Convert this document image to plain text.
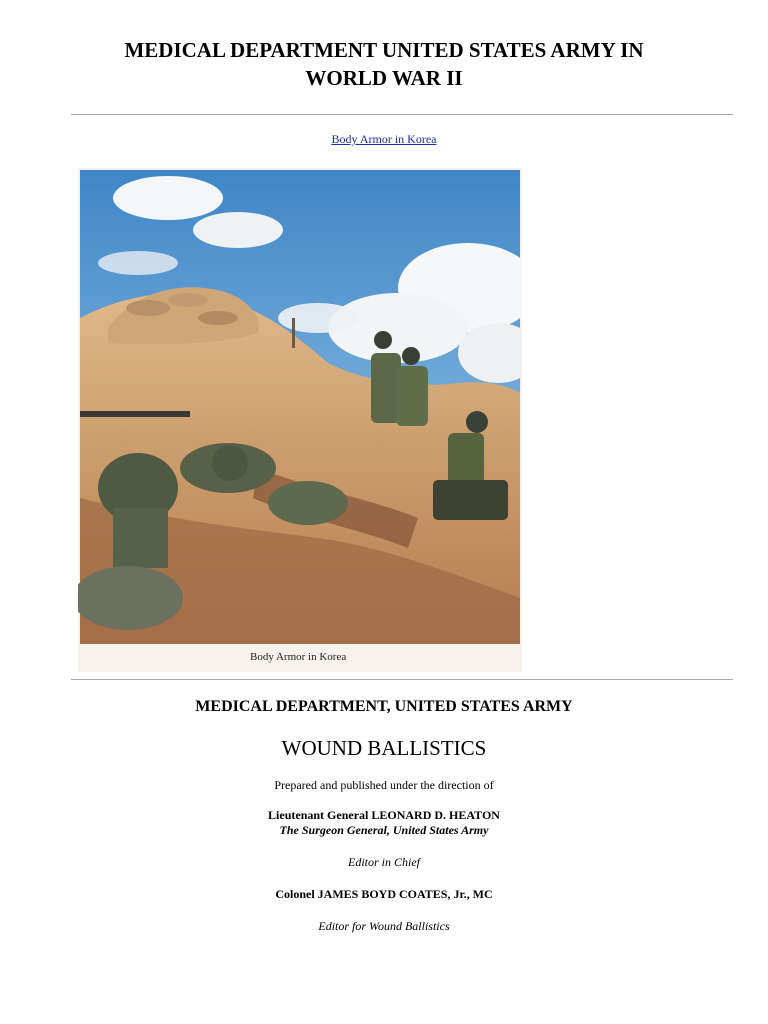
MEDICAL DEPARTMENT UNITED STATES ARMY IN
WORLD WAR II
Body Armor in Korea
Body Armor in Korea
MEDICAL DEPARTMENT, UNITED STATES ARMY
WOUND BALLISTICS
Prepared and published under the direction of
Lieutenant General LEONARD D. HEATON
The Surgeon General, United States Army
Editor in Chief
Colonel JAMES BOYD COATES, Jr., MC
Editor for Wound Ballistics
